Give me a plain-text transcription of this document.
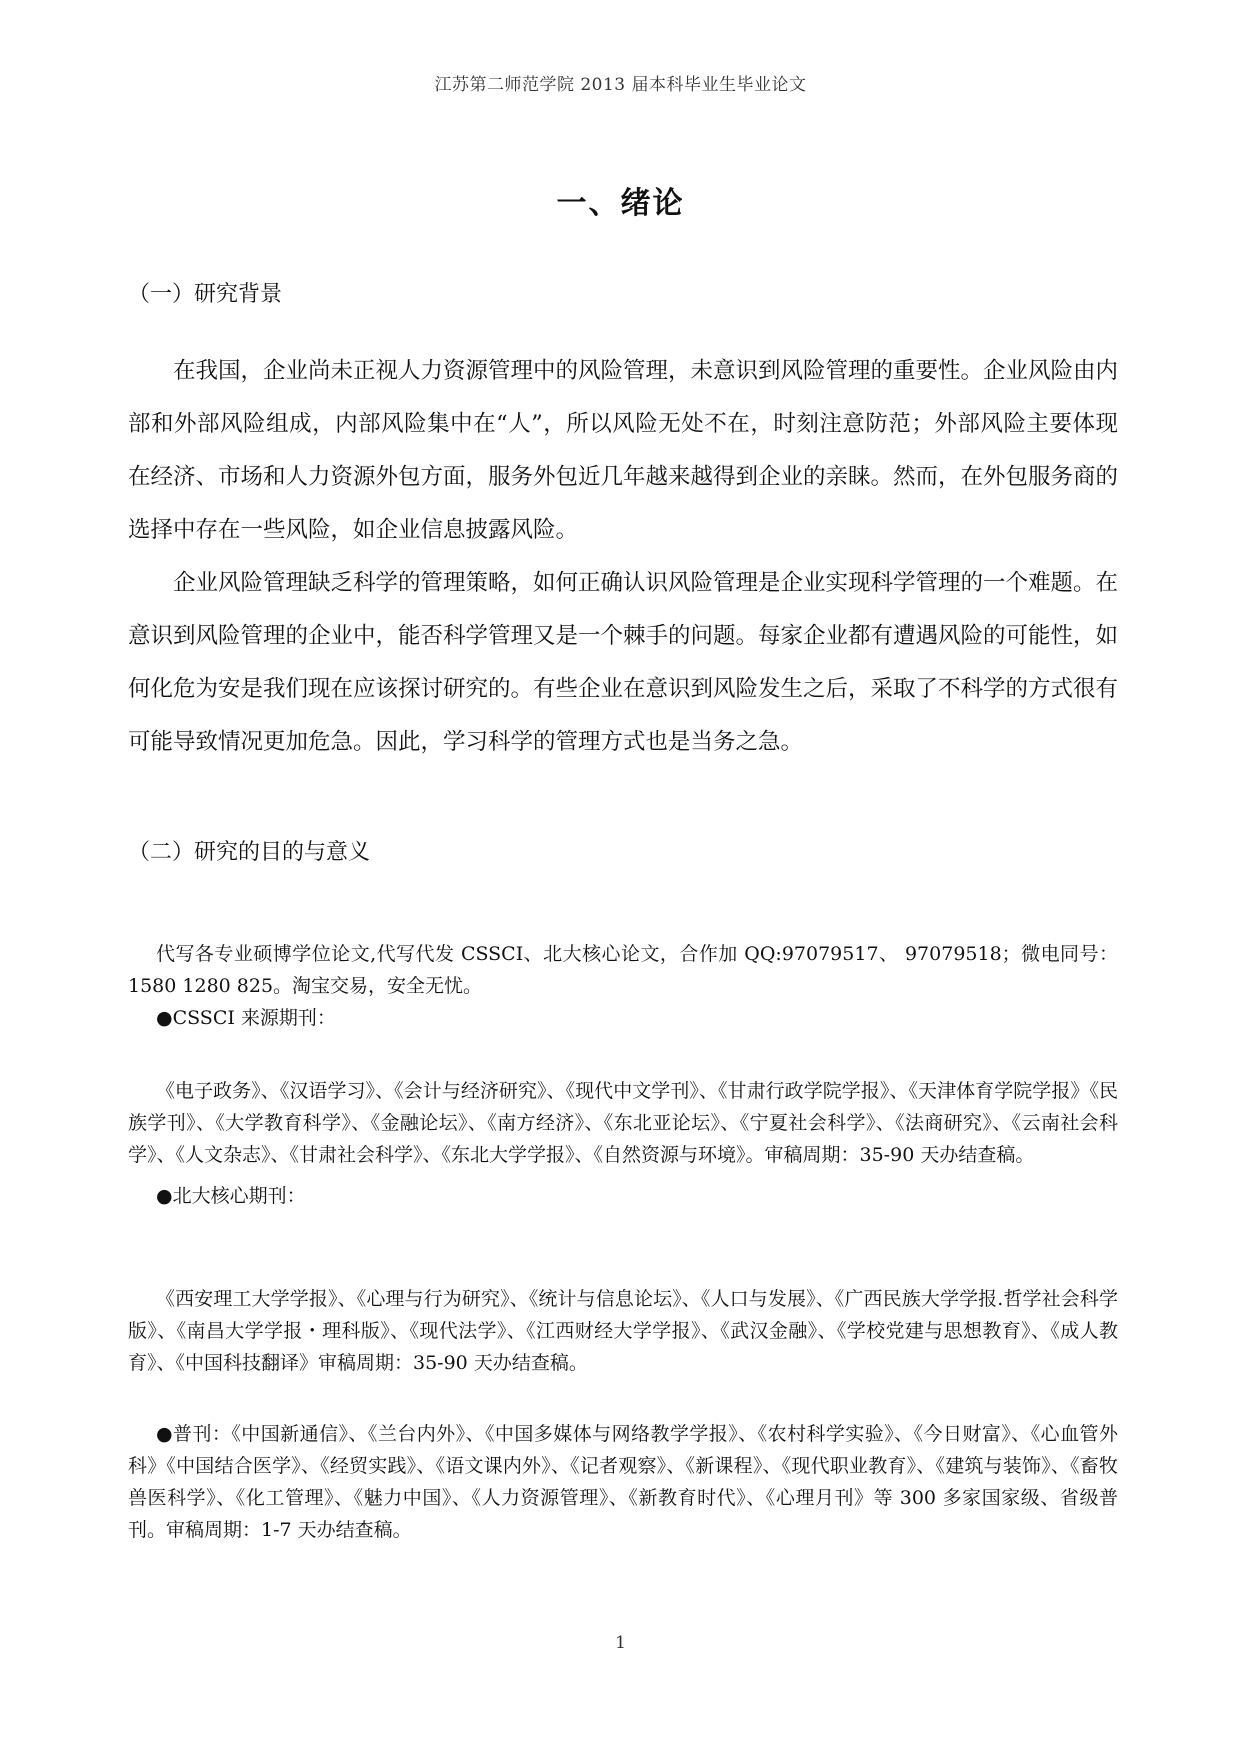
江苏第二师范学院 2013 届本科毕业生毕业论文
一、绪论
（一）研究背景

在我国，企业尚未正视人力资源管理中的风险管理，未意识到风险管理的重要性。企业风险由内部和外部风险组成，内部风险集中在“人”，所以风险无处不在，时刻注意防范；外部风险主要体现在经济、市场和人力资源外包方面，服务外包近几年越来越得到企业的亲睐。然而，在外包服务商的选择中存在一些风险，如企业信息披露风险。

企业风险管理缺乏科学的管理策略，如何正确认识风险管理是企业实现科学管理的一个难题。在意识到风险管理的企业中，能否科学管理又是一个棘手的问题。每家企业都有遭遇风险的可能性，如何化危为安是我们现在应该探讨研究的。有些企业在意识到风险发生之后，采取了不科学的方式很有可能导致情况更加危急。因此，学习科学的管理方式也是当务之急。

（二）研究的目的与意义

代写各专业硕博学位论文,代写代发 CSSCI、北大核心论文，合作加 QQ:97079517、 97079518；微电同号：1580 1280 825。淘宝交易，安全无忧。

●CSSCI 来源期刊：

《电子政务》、《汉语学习》、《会计与经济研究》、《现代中文学刊》、《甘肃行政学院学报》、《天津体育学院学报》《民族学刊》、《大学教育科学》、《金融论坛》、《南方经济》、《东北亚论坛》、《宁夏社会科学》、《法商研究》、《云南社会科学》、《人文杂志》、《甘肃社会科学》、《东北大学学报》、《自然资源与环境》。审稿周期：35-90 天办结查稿。

●北大核心期刊：

《西安理工大学学报》、《心理与行为研究》、《统计与信息论坛》、《人口与发展》、《广西民族大学学报.哲学社会科学版》、《南昌大学学报・理科版》、《现代法学》、《江西财经大学学报》、《武汉金融》、《学校党建与思想教育》、《成人教育》、《中国科技翻译》审稿周期：35-90 天办结查稿。

●普刊：《中国新通信》、《兰台内外》、《中国多媒体与网络教学学报》、《农村科学实验》、《今日财富》、《心血管外科》《中国结合医学》、《经贸实践》、《语文课内外》、《记者观察》、《新课程》、《现代职业教育》、《建筑与装饰》、《畜牧兽医科学》、《化工管理》、《魅力中国》、《人力资源管理》、《新教育时代》、《心理月刊》等 300 多家国家级、省级普刊。审稿周期：1-7 天办结查稿。

1
